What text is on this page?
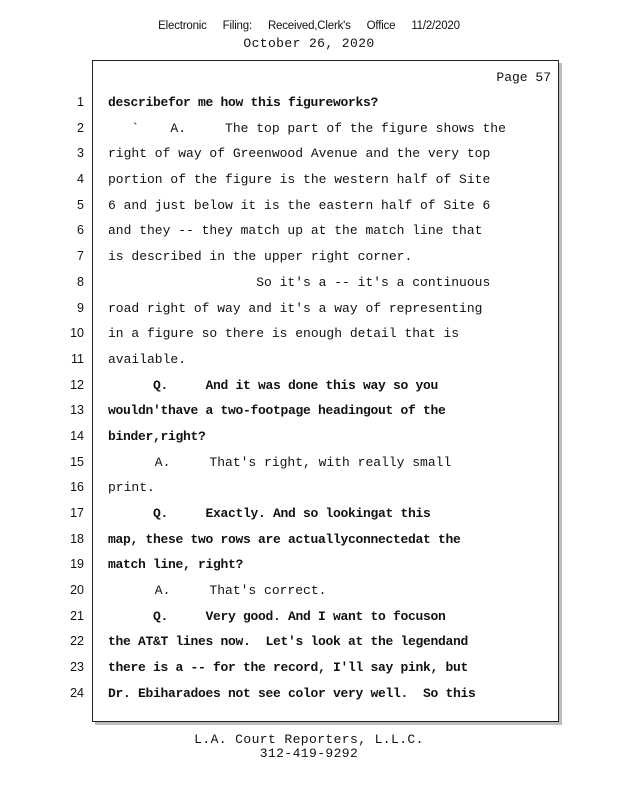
Electronic Filing: Received,Clerk's Office 11/2/2020
October 26, 2020
Page 57
1
2
3
4
5
6
7
8
9
10
11
12
13
14
15
16
17
18
19
20
21
22
23
24
describefor me how this figureworks?
`    A.     The top part of the figure shows the
right of way of Greenwood Avenue and the very top
portion of the figure is the western half of Site
6 and just below it is the eastern half of Site 6
and they -- they match up at the match line that
is described in the upper right corner.
So it's a -- it's a continuous
road right of way and it's a way of representing
in a figure so there is enough detail that is
available.
Q.     And it was done this way so you
wouldn'thave a two-footpage headingout of the
binder,right?
A.     That's right, with really small
print.
Q.     Exactly. And so lookingat this
map, these two rows are actuallyconnectedat the
match line, right?
A.     That's correct.
Q.     Very good. And I want to focuson
the AT&T lines now.  Let's look at the legendand
there is a -- for the record, I'll say pink, but
Dr. Ebiharadoes not see color very well.  So this
L.A. Court Reporters, L.L.C.
312-419-9292
